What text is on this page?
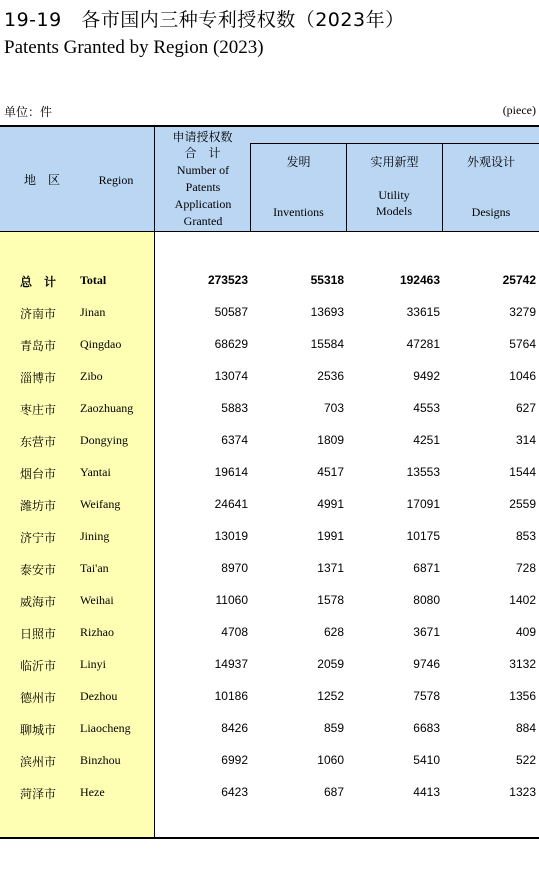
19-19　各市国内三种专利授权数（2023年）
Patents Granted by Region (2023)
单位：件	(piece)
地　区	Region
申请授权数
合　计
Number of Patents Application Granted
发明
Inventions
实用新型
Utility Models
外观设计
Designs
总计 Total	273523	55318	192463	25742
济南市 Jinan	50587	13693	33615	3279
青岛市 Qingdao	68629	15584	47281	5764
淄博市 Zibo	13074	2536	9492	1046
枣庄市 Zaozhuang	5883	703	4553	627
东营市 Dongying	6374	1809	4251	314
烟台市 Yantai	19614	4517	13553	1544
潍坊市 Weifang	24641	4991	17091	2559
济宁市 Jining	13019	1991	10175	853
泰安市 Tai'an	8970	1371	6871	728
威海市 Weihai	11060	1578	8080	1402
日照市 Rizhao	4708	628	3671	409
临沂市 Linyi	14937	2059	9746	3132
德州市 Dezhou	10186	1252	7578	1356
聊城市 Liaocheng	8426	859	6683	884
滨州市 Binzhou	6992	1060	5410	522
菏泽市 Heze	6423	687	4413	1323
